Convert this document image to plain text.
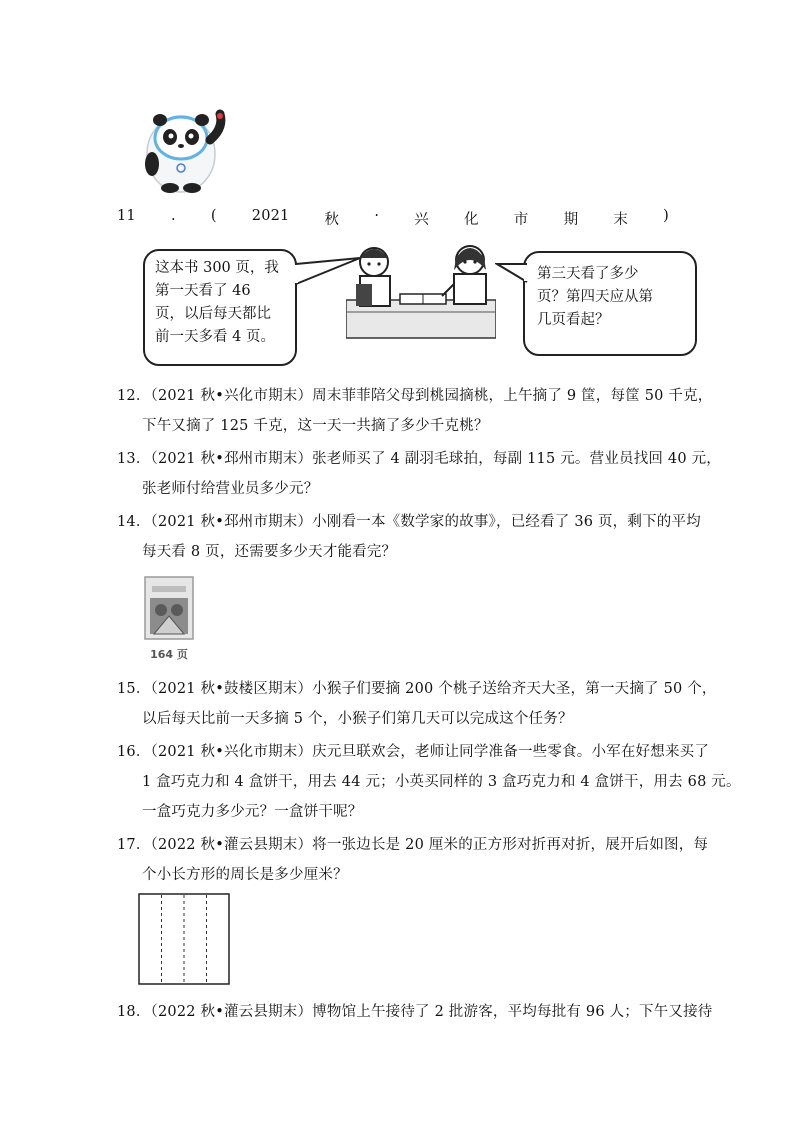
11 . ( 2021 秋 · 兴 化 市 期 末 )
这本书 300 页，我
第一天看了 46
页，以后每天都比
前一天多看 4 页。
第三天看了多少
页？第四天应从第
几页看起？
12．（2021 秋•兴化市期末）周末菲菲陪父母到桃园摘桃，上午摘了 9 筐，每筐 50 千克，
下午又摘了 125 千克，这一天一共摘了多少千克桃？
13．（2021 秋•邳州市期末）张老师买了 4 副羽毛球拍，每副 115 元。营业员找回 40 元，
张老师付给营业员多少元？
14．（2021 秋•邳州市期末）小刚看一本《数学家的故事》，已经看了 36 页，剩下的平均
每天看 8 页，还需要多少天才能看完？
164 页
15．（2021 秋•鼓楼区期末）小猴子们要摘 200 个桃子送给齐天大圣，第一天摘了 50 个，
以后每天比前一天多摘 5 个，小猴子们第几天可以完成这个任务？
16．（2021 秋•兴化市期末）庆元旦联欢会，老师让同学准备一些零食。小军在好想来买了
1 盒巧克力和 4 盒饼干，用去 44 元；小英买同样的 3 盒巧克力和 4 盒饼干，用去 68 元。
一盒巧克力多少元？一盒饼干呢？
17．（2022 秋•灌云县期末）将一张边长是 20 厘米的正方形对折再对折，展开后如图，每
个小长方形的周长是多少厘米？
18．（2022 秋•灌云县期末）博物馆上午接待了 2 批游客，平均每批有 96 人；下午又接待
